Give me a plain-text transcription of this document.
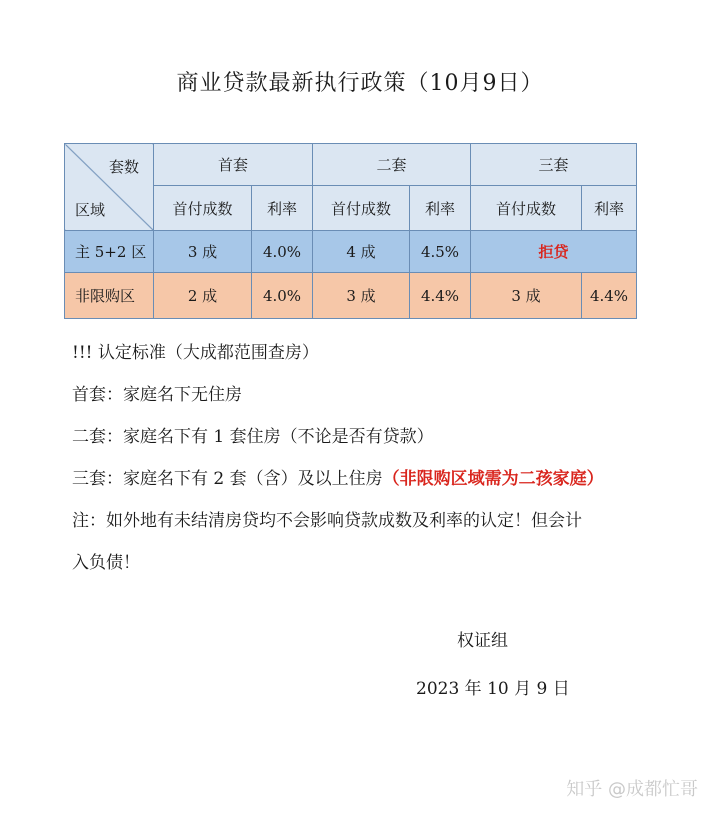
商业贷款最新执行政策（10月9日）
套数
区域	首套		二套		三套	
	首付成数	利率	首付成数	利率	首付成数	利率
主 5+2 区	3 成	4.0%	4 成	4.5%	拒贷	
非限购区	2 成	4.0%	3 成	4.4%	3 成	4.4%

!!! 认定标准（大成都范围查房）

首套：家庭名下无住房

二套：家庭名下有 1 套住房（不论是否有贷款）

三套：家庭名下有 2 套（含）及以上住房（非限购区域需为二孩家庭）

注：如外地有未结清房贷均不会影响贷款成数及利率的认定！但会计

入负债！

权证组
2023 年 10 月 9 日
知乎 @成都忙哥
